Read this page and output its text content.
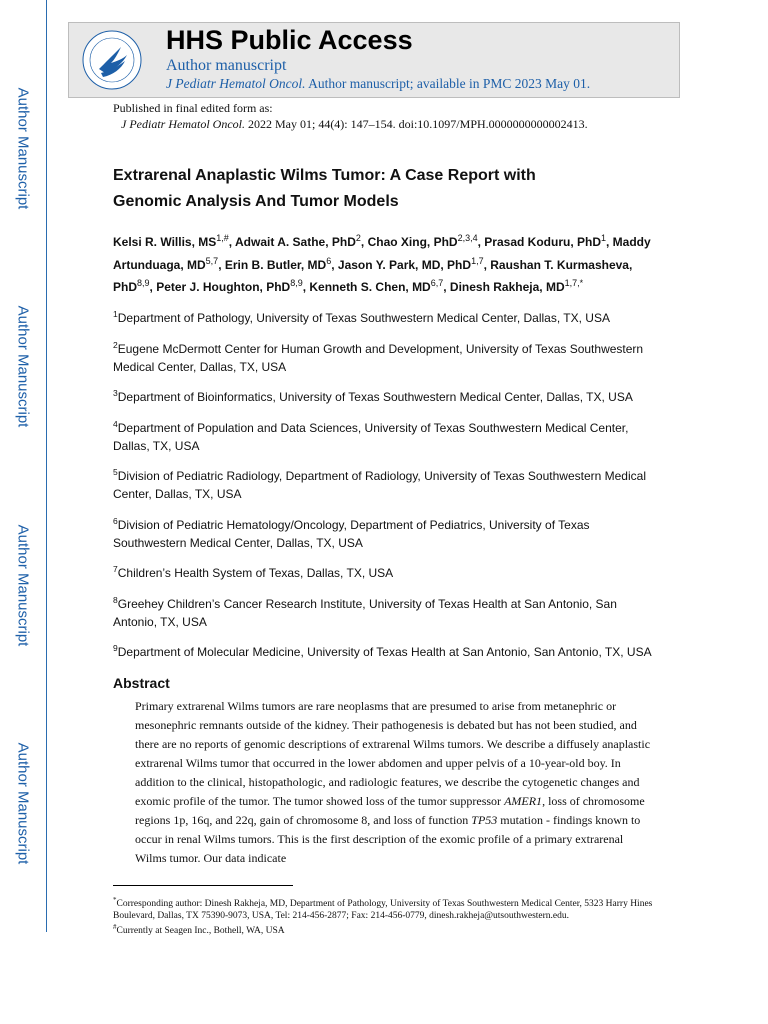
Author Manuscript
Author Manuscript
Author Manuscript
Author Manuscript
HHS Public Access
Author manuscript
J Pediatr Hematol Oncol. Author manuscript; available in PMC 2023 May 01.
Published in final edited form as:
J Pediatr Hematol Oncol. 2022 May 01; 44(4): 147–154. doi:10.1097/MPH.0000000000002413.
Extrarenal Anaplastic Wilms Tumor: A Case Report with
Genomic Analysis And Tumor Models
Kelsi R. Willis, $MS^{1,\#}$, Adwait A. Sathe, PhD$^2$, Chao Xing, PhD$^{2,3,4}$, Prasad Koduru, PhD$^1$, Maddy Artunduaga, MD$^{5,7}$, Erin B. Butler, $MD^6$, Jason Y. Park, MD, PhD$^{1,7}$, Raushan T. Kurmasheva, PhD$^{8,9}$, Peter J. Houghton, PhD$^{8,9}$, Kenneth S. Chen, MD$^{6,7}$, Dinesh Rakheja, $MD^{1,7,*}$
$^1$Department of Pathology, University of Texas Southwestern Medical Center, Dallas, TX, USA
$^2$Eugene McDermott Center for Human Growth and Development, University of Texas Southwestern Medical Center, Dallas, TX, USA
$^3$Department of Bioinformatics, University of Texas Southwestern Medical Center, Dallas, TX, USA
$^4$Department of Population and Data Sciences, University of Texas Southwestern Medical Center, Dallas, TX, USA
$^5$Division of Pediatric Radiology, Department of Radiology, University of Texas Southwestern Medical Center, Dallas, TX, USA
$^6$Division of Pediatric Hematology/Oncology, Department of Pediatrics, University of Texas Southwestern Medical Center, Dallas, TX, USA
$^7$Children’s Health System of Texas, Dallas, TX, USA
$^8$Greehey Children’s Cancer Research Institute, University of Texas Health at San Antonio, San Antonio, TX, USA
$^9$Department of Molecular Medicine, University of Texas Health at San Antonio, San Antonio, TX, USA
Abstract
Primary extrarenal Wilms tumors are rare neoplasms that are presumed to arise from metanephric or mesonephric remnants outside of the kidney. Their pathogenesis is debated but has not been studied, and there are no reports of genomic descriptions of extrarenal Wilms tumors. We describe a diffusely anaplastic extrarenal Wilms tumor that occurred in the lower abdomen and upper pelvis of a 10-year-old boy. In addition to the clinical, histopathologic, and radiologic features, we describe the cytogenetic changes and exomic profile of the tumor. The tumor showed loss of the tumor suppressor AMER1, loss of chromosome regions 1p, 16q, and 22q, gain of chromosome 8, and loss of function TP53 mutation - findings known to occur in renal Wilms tumors. This is the first description of the exomic profile of a primary extrarenal Wilms tumor. Our data indicate
*Corresponding author: Dinesh Rakheja, MD, Department of Pathology, University of Texas Southwestern Medical Center, 5323 Harry Hines Boulevard, Dallas, TX 75390-9073, USA, Tel: 214-456-2877; Fax: 214-456-0779, dinesh.rakheja@utsouthwestern.edu.
#Currently at Seagen Inc., Bothell, WA, USA
